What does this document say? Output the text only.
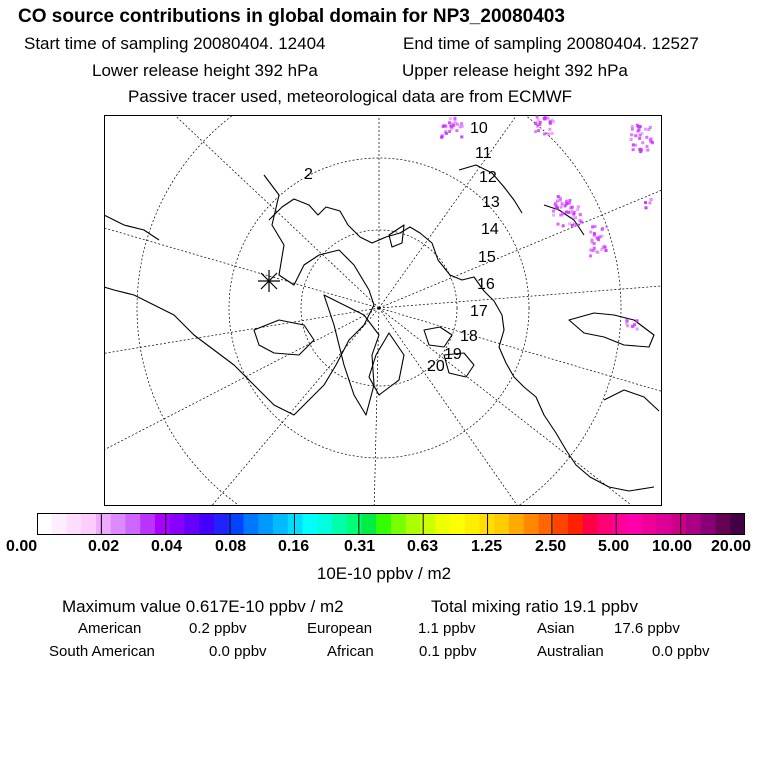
CO source contributions in global domain for NP3_20080403
Start time of sampling 20080404. 12404	End time of sampling 20080404. 12527
Lower release height 392 hPa	Upper release height 392 hPa
Passive tracer used, meteorological data are from ECMWF
2
10
11
12
13
14
15
16
17
18
19
20
0.00	0.02 0.04 0.08 0.16 0.31 0.63 1.25 2.50 5.00 10.00 20.00
10E-10 ppbv / m2
Maximum value 0.617E-10 ppbv / m2	Total mixing ratio 19.1 ppbv
American	0.2 ppbv	European	1.1 ppbv	Asian	17.6 ppbv
South American	0.0 ppbv	African	0.1 ppbv	Australian	0.0 ppbv
